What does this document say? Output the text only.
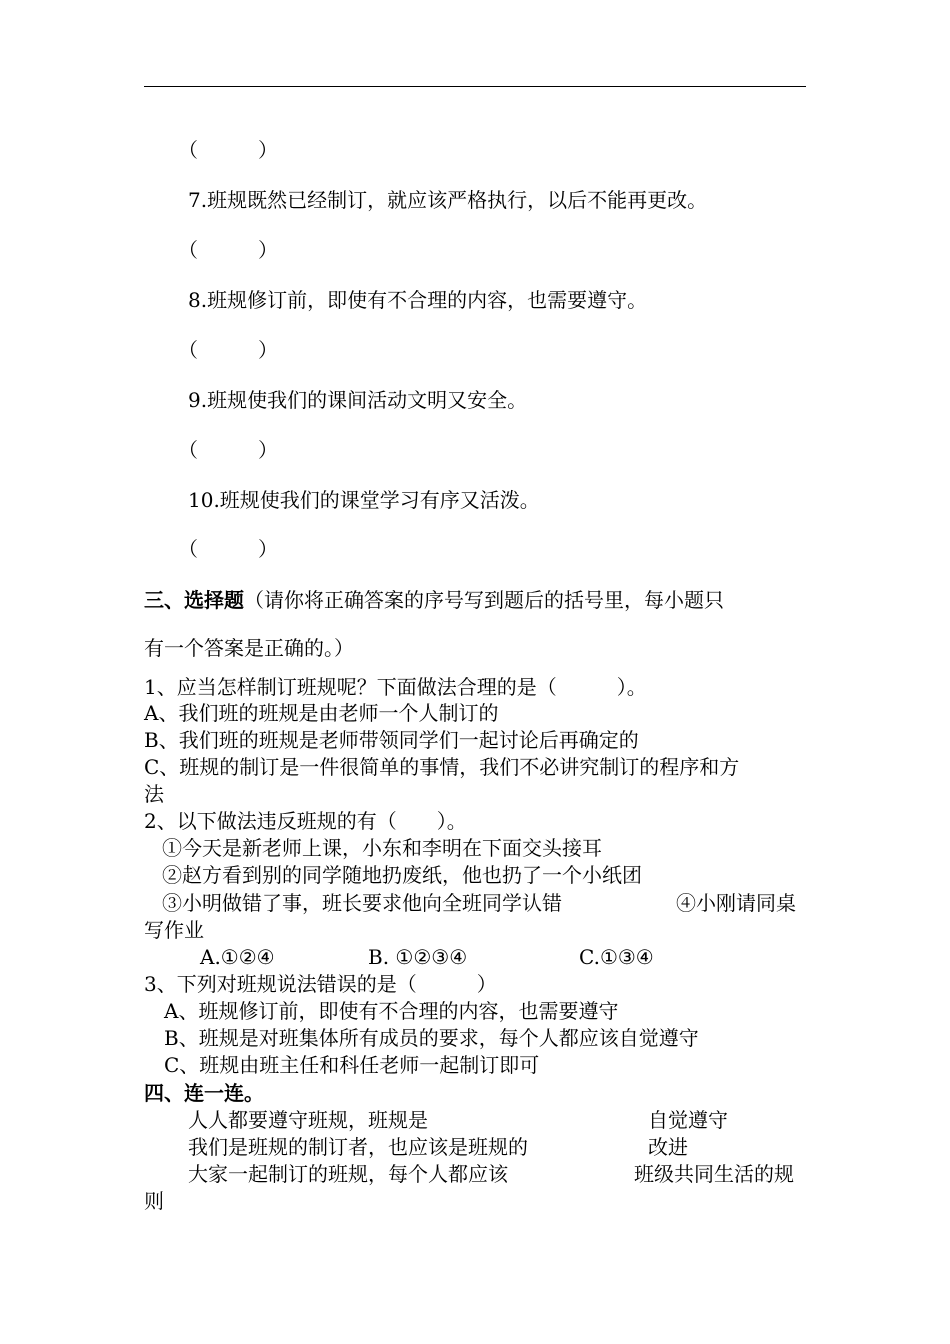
（　　　）
7.班规既然已经制订，就应该严格执行，以后不能再更改。
（　　　）
8.班规修订前，即使有不合理的内容，也需要遵守。
（　　　）
9.班规使我们的课间活动文明又安全。
（　　　）
10.班规使我们的课堂学习有序又活泼。
（　　　）
三、选择题（请你将正确答案的序号写到题后的括号里，每小题只
有一个答案是正确的。）
1、应当怎样制订班规呢？下面做法合理的是（　　　）。
A、我们班的班规是由老师一个人制订的
B、我们班的班规是老师带领同学们一起讨论后再确定的
C、班规的制订是一件很简单的事情，我们不必讲究制订的程序和方
法
2、以下做法违反班规的有（　　）。
①今天是新老师上课，小东和李明在下面交头接耳
②赵方看到别的同学随地扔废纸，他也扔了一个小纸团
③小明做错了事，班长要求他向全班同学认错	④小刚请同桌
写作业
A.①②④	B. ①②③④	C.①③④
3、下列对班规说法错误的是（　　　）
A、班规修订前，即使有不合理的内容，也需要遵守
B、班规是对班集体所有成员的要求，每个人都应该自觉遵守
C、班规由班主任和科任老师一起制订即可
四、连一连。
人人都要遵守班规，班规是	自觉遵守
我们是班规的制订者，也应该是班规的	改进
大家一起制订的班规，每个人都应该	班级共同生活的规
则
